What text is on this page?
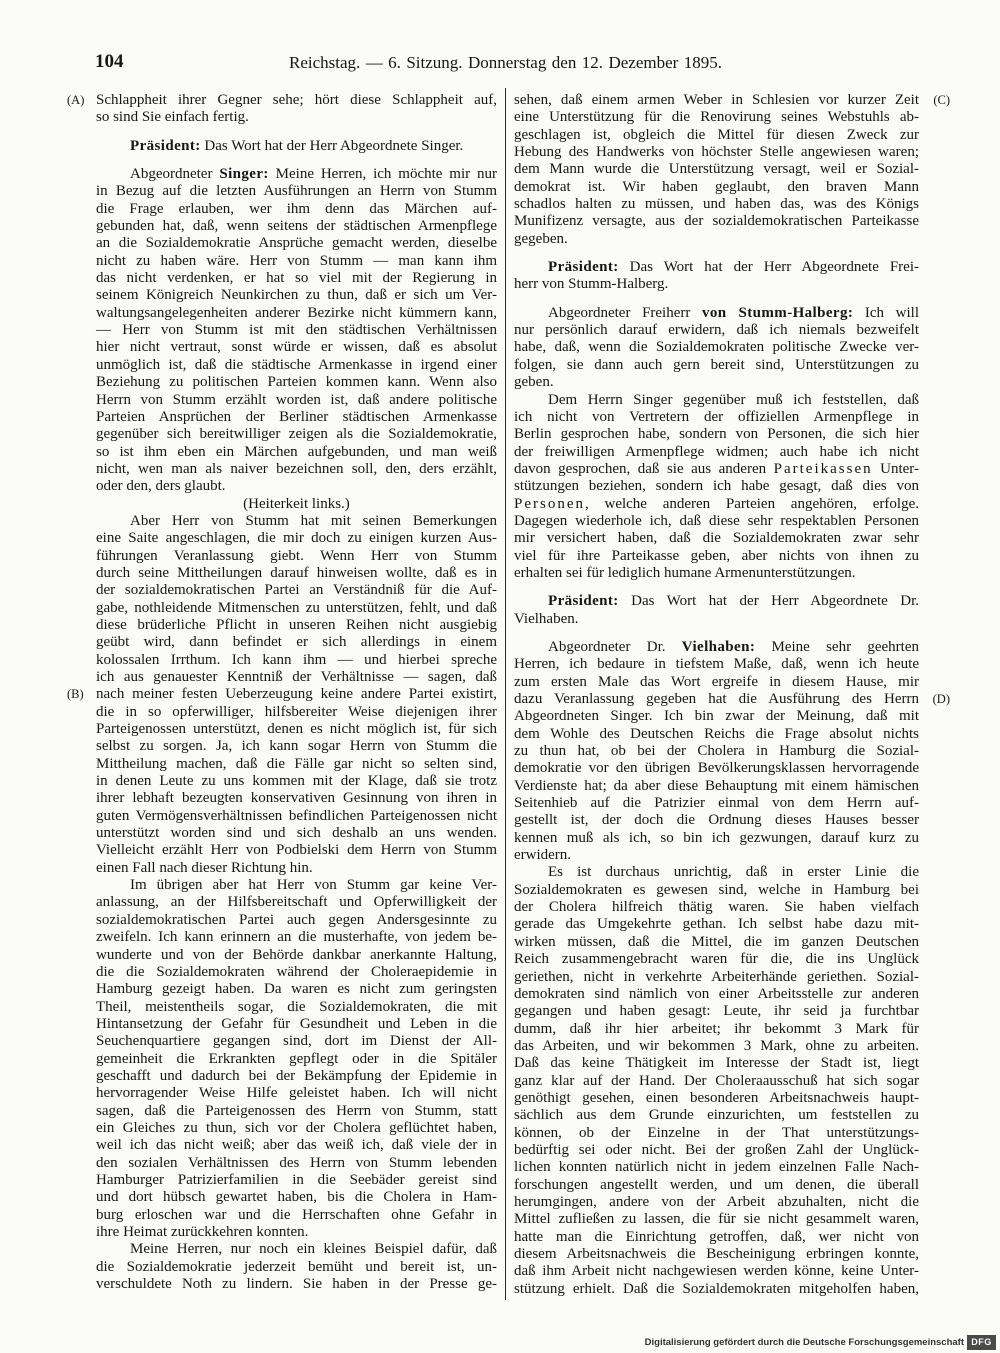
104	Reichstag. — 6. Sitzung. Donnerstag den 12. Dezember 1895.
Schlappheit ihrer Gegner sehe; hört diese Schlappheit auf,
(A)
so sind Sie einfach fertig.
Präsident: Das Wort hat der Herr Abgeordnete Singer.
Abgeordneter Singer: Meine Herren, ich möchte mir nur
in Bezug auf die letzten Ausführungen an Herrn von Stumm
die Frage erlauben, wer ihm denn das Märchen auf-
gebunden hat, daß, wenn seitens der städtischen Armenpflege
an die Sozialdemokratie Ansprüche gemacht werden, dieselbe
nicht zu haben wäre. Herr von Stumm — man kann ihm
das nicht verdenken, er hat so viel mit der Regierung in
seinem Königreich Neunkirchen zu thun, daß er sich um Ver-
waltungsangelegenheiten anderer Bezirke nicht kümmern kann,
— Herr von Stumm ist mit den städtischen Verhältnissen
hier nicht vertraut, sonst würde er wissen, daß es absolut
unmöglich ist, daß die städtische Armenkasse in irgend einer
Beziehung zu politischen Parteien kommen kann. Wenn also
Herrn von Stumm erzählt worden ist, daß andere politische
Parteien Ansprüchen der Berliner städtischen Armenkasse
gegenüber sich bereitwilliger zeigen als die Sozialdemokratie,
so ist ihm eben ein Märchen aufgebunden, und man weiß
nicht, wen man als naiver bezeichnen soll, den, ders erzählt,
oder den, ders glaubt.
(Heiterkeit links.)
Aber Herr von Stumm hat mit seinen Bemerkungen
eine Saite angeschlagen, die mir doch zu einigen kurzen Aus-
führungen Veranlassung giebt. Wenn Herr von Stumm
durch seine Mittheilungen darauf hinweisen wollte, daß es in
der sozialdemokratischen Partei an Verständniß für die Auf-
gabe, nothleidende Mitmenschen zu unterstützen, fehlt, und daß
diese brüderliche Pflicht in unseren Reihen nicht ausgiebig
geübt wird, dann befindet er sich allerdings in einem
kolossalen Irrthum. Ich kann ihm — und hierbei spreche
ich aus genauester Kenntniß der Verhältnisse — sagen, daß
nach meiner festen Ueberzeugung keine andere Partei existirt,
(B)
die in so opferwilliger, hilfsbereiter Weise diejenigen ihrer
Parteigenossen unterstützt, denen es nicht möglich ist, für sich
selbst zu sorgen. Ja, ich kann sogar Herrn von Stumm die
Mittheilung machen, daß die Fälle gar nicht so selten sind,
in denen Leute zu uns kommen mit der Klage, daß sie trotz
ihrer lebhaft bezeugten konservativen Gesinnung von ihren in
guten Vermögensverhältnissen befindlichen Parteigenossen nicht
unterstützt worden sind und sich deshalb an uns wenden.
Vielleicht erzählt Herr von Podbielski dem Herrn von Stumm
einen Fall nach dieser Richtung hin.
Im übrigen aber hat Herr von Stumm gar keine Ver-
anlassung, an der Hilfsbereitschaft und Opferwilligkeit der
sozialdemokratischen Partei auch gegen Andersgesinnte zu
zweifeln. Ich kann erinnern an die musterhafte, von jedem be-
wunderte und von der Behörde dankbar anerkannte Haltung,
die die Sozialdemokraten während der Choleraepidemie in
Hamburg gezeigt haben. Da waren es nicht zum geringsten
Theil, meistentheils sogar, die Sozialdemokraten, die mit
Hintansetzung der Gefahr für Gesundheit und Leben in die
Seuchenquartiere gegangen sind, dort im Dienst der All-
gemeinheit die Erkrankten gepflegt oder in die Spitäler
geschafft und dadurch bei der Bekämpfung der Epidemie in
hervorragender Weise Hilfe geleistet haben. Ich will nicht
sagen, daß die Parteigenossen des Herrn von Stumm, statt
ein Gleiches zu thun, sich vor der Cholera geflüchtet haben,
weil ich das nicht weiß; aber das weiß ich, daß viele der in
den sozialen Verhältnissen des Herrn von Stumm lebenden
Hamburger Patrizierfamilien in die Seebäder gereist sind
und dort hübsch gewartet haben, bis die Cholera in Ham-
burg erloschen war und die Herrschaften ohne Gefahr in
ihre Heimat zurückkehren konnten.
Meine Herren, nur noch ein kleines Beispiel dafür, daß
die Sozialdemokratie jederzeit bemüht und bereit ist, un-
verschuldete Noth zu lindern. Sie haben in der Presse ge-
sehen, daß einem armen Weber in Schlesien vor kurzer Zeit (C)
eine Unterstützung für die Renovirung seines Webstuhls ab-
geschlagen ist, obgleich die Mittel für diesen Zweck zur
Hebung des Handwerks von höchster Stelle angewiesen waren;
dem Mann wurde die Unterstützung versagt, weil er Sozial-
demokrat ist. Wir haben geglaubt, den braven Mann
schadlos halten zu müssen, und haben das, was des Königs
Munifizenz versagte, aus der sozialdemokratischen Parteikasse
gegeben.
Präsident: Das Wort hat der Herr Abgeordnete Frei-
herr von Stumm-Halberg.
Abgeordneter Freiherr von Stumm-Halberg: Ich will
nur persönlich darauf erwidern, daß ich niemals bezweifelt
habe, daß, wenn die Sozialdemokraten politische Zwecke ver-
folgen, sie dann auch gern bereit sind, Unterstützungen zu
geben.
Dem Herrn Singer gegenüber muß ich feststellen, daß
ich nicht von Vertretern der offiziellen Armenpflege in
Berlin gesprochen habe, sondern von Personen, die sich hier
der freiwilligen Armenpflege widmen; auch habe ich nicht
davon gesprochen, daß sie aus anderen Parteikassen Unter-
stützungen beziehen, sondern ich habe gesagt, daß dies von
Personen, welche anderen Parteien angehören, erfolge.
Dagegen wiederhole ich, daß diese sehr respektablen Personen
mir versichert haben, daß die Sozialdemokraten zwar sehr
viel für ihre Parteikasse geben, aber nichts von ihnen zu
erhalten sei für lediglich humane Armenunterstützungen.
Präsident: Das Wort hat der Herr Abgeordnete Dr.
Vielhaben.
Abgeordneter Dr. Vielhaben: Meine sehr geehrten
Herren, ich bedaure in tiefstem Maße, daß, wenn ich heute
zum ersten Male das Wort ergreife in diesem Hause, mir
dazu Veranlassung gegeben hat die Ausführung des Herrn (D)
Abgeordneten Singer. Ich bin zwar der Meinung, daß mit
dem Wohle des Deutschen Reichs die Frage absolut nichts
zu thun hat, ob bei der Cholera in Hamburg die Sozial-
demokratie vor den übrigen Bevölkerungsklassen hervorragende
Verdienste hat; da aber diese Behauptung mit einem hämischen
Seitenhieb auf die Patrizier einmal von dem Herrn auf-
gestellt ist, der doch die Ordnung dieses Hauses besser
kennen muß als ich, so bin ich gezwungen, darauf kurz zu
erwidern.
Es ist durchaus unrichtig, daß in erster Linie die
Sozialdemokraten es gewesen sind, welche in Hamburg bei
der Cholera hilfreich thätig waren. Sie haben vielfach
gerade das Umgekehrte gethan. Ich selbst habe dazu mit-
wirken müssen, daß die Mittel, die im ganzen Deutschen
Reich zusammengebracht waren für die, die ins Unglück
geriethen, nicht in verkehrte Arbeiterhände geriethen. Sozial-
demokraten sind nämlich von einer Arbeitsstelle zur anderen
gegangen und haben gesagt: Leute, ihr seid ja furchtbar
dumm, daß ihr hier arbeitet; ihr bekommt 3 Mark für
das Arbeiten, und wir bekommen 3 Mark, ohne zu arbeiten.
Daß das keine Thätigkeit im Interesse der Stadt ist, liegt
ganz klar auf der Hand. Der Choleraausschuß hat sich sogar
genöthigt gesehen, einen besonderen Arbeitsnachweis haupt-
sächlich aus dem Grunde einzurichten, um feststellen zu
können, ob der Einzelne in der That unterstützungs-
bedürftig sei oder nicht. Bei der großen Zahl der Unglück-
lichen konnten natürlich nicht in jedem einzelnen Falle Nach-
forschungen angestellt werden, und um denen, die überall
herumgingen, andere von der Arbeit abzuhalten, nicht die
Mittel zufließen zu lassen, die für sie nicht gesammelt waren,
hatte man die Einrichtung getroffen, daß, wer nicht von
diesem Arbeitsnachweis die Bescheinigung erbringen konnte,
daß ihm Arbeit nicht nachgewiesen werden könne, keine Unter-
stützung erhielt. Daß die Sozialdemokraten mitgeholfen haben,
Digitalisierung gefördert durch die Deutsche Forschungsgemeinschaft DFG
